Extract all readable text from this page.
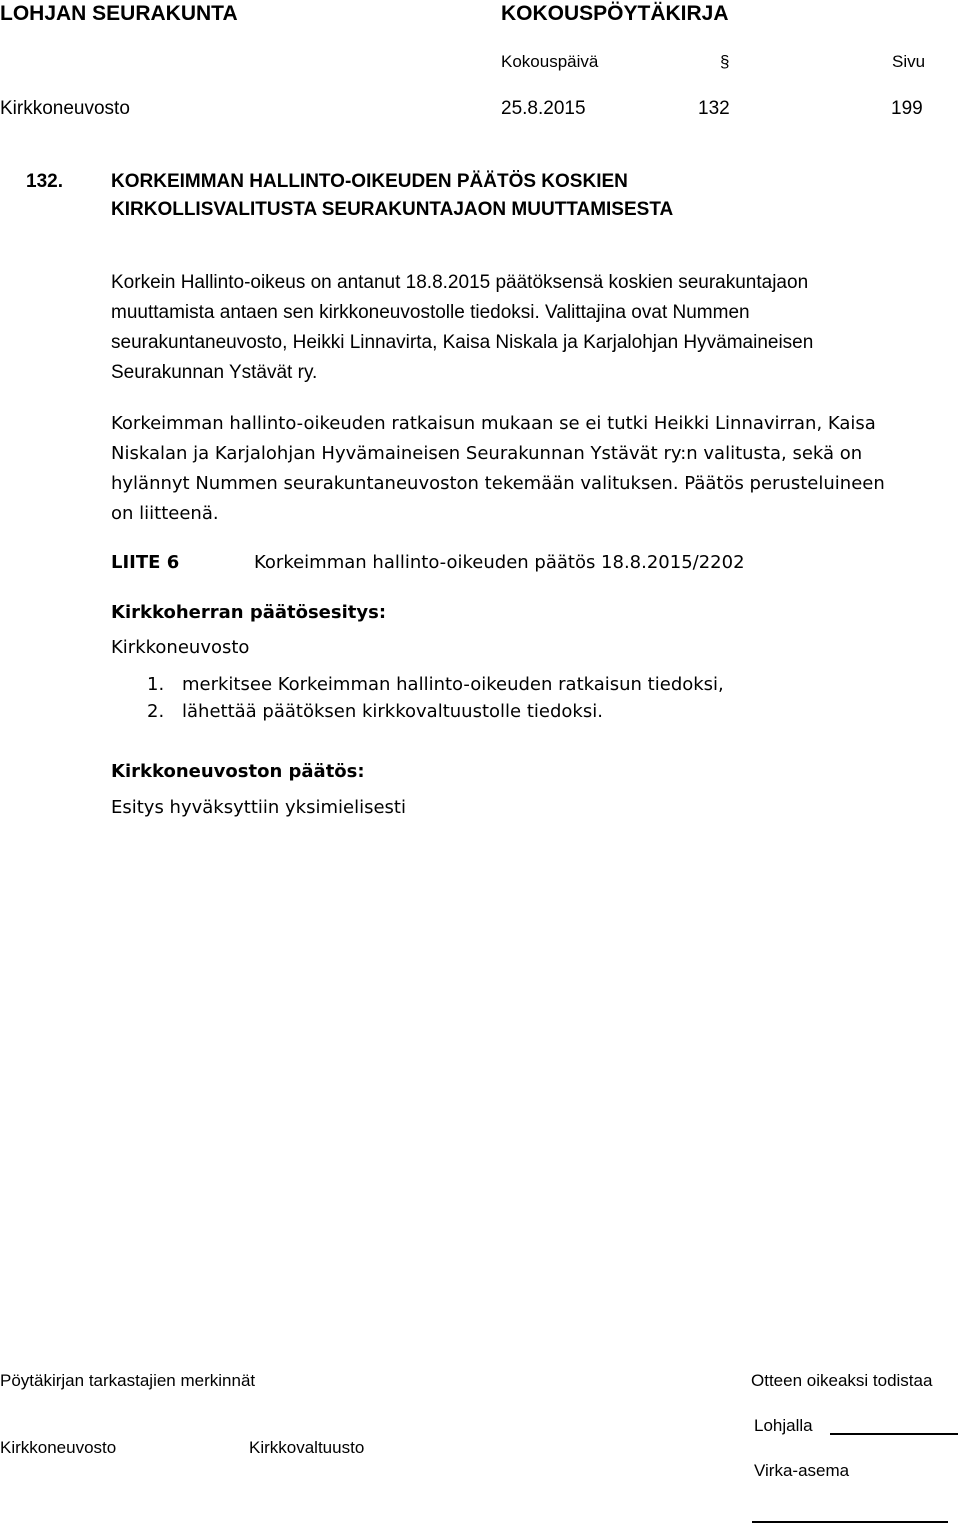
LOHJAN SEURAKUNTA	KOKOUSPÖYTÄKIRJA
Kokouspäivä	§	Sivu
Kirkkoneuvosto	25.8.2015	132	199
132.	KORKEIMMAN HALLINTO-OIKEUDEN PÄÄTÖS KOSKIEN
KIRKOLLISVALITUSTA SEURAKUNTAJAON MUUTTAMISESTA
Korkein Hallinto-oikeus on antanut 18.8.2015 päätöksensä koskien seurakuntajaon muuttamista antaen sen kirkkoneuvostolle tiedoksi. Valittajina ovat Nummen seurakuntaneuvosto, Heikki Linnavirta, Kaisa Niskala ja Karjalohjan Hyvämaineisen Seurakunnan Ystävät ry.
Korkeimman hallinto-oikeuden ratkaisun mukaan se ei tutki Heikki Linnavirran, Kaisa Niskalan ja Karjalohjan Hyvämaineisen Seurakunnan Ystävät ry:n valitusta, sekä on hylännyt Nummen seurakuntaneuvoston tekemään valituksen. Päätös perusteluineen on liitteenä.
LIITE 6	Korkeimman hallinto-oikeuden päätös 18.8.2015/2202
Kirkkoherran päätösesitys:
Kirkkoneuvosto
1. merkitsee Korkeimman hallinto-oikeuden ratkaisun tiedoksi,
2. lähettää päätöksen kirkkovaltuustolle tiedoksi.
Kirkkoneuvoston päätös:
Esitys hyväksyttiin yksimielisesti
Pöytäkirjan tarkastajien merkinnät	Otteen oikeaksi todistaa
Lohjalla
Kirkkoneuvosto	Kirkkovaltuusto
Virka-asema
